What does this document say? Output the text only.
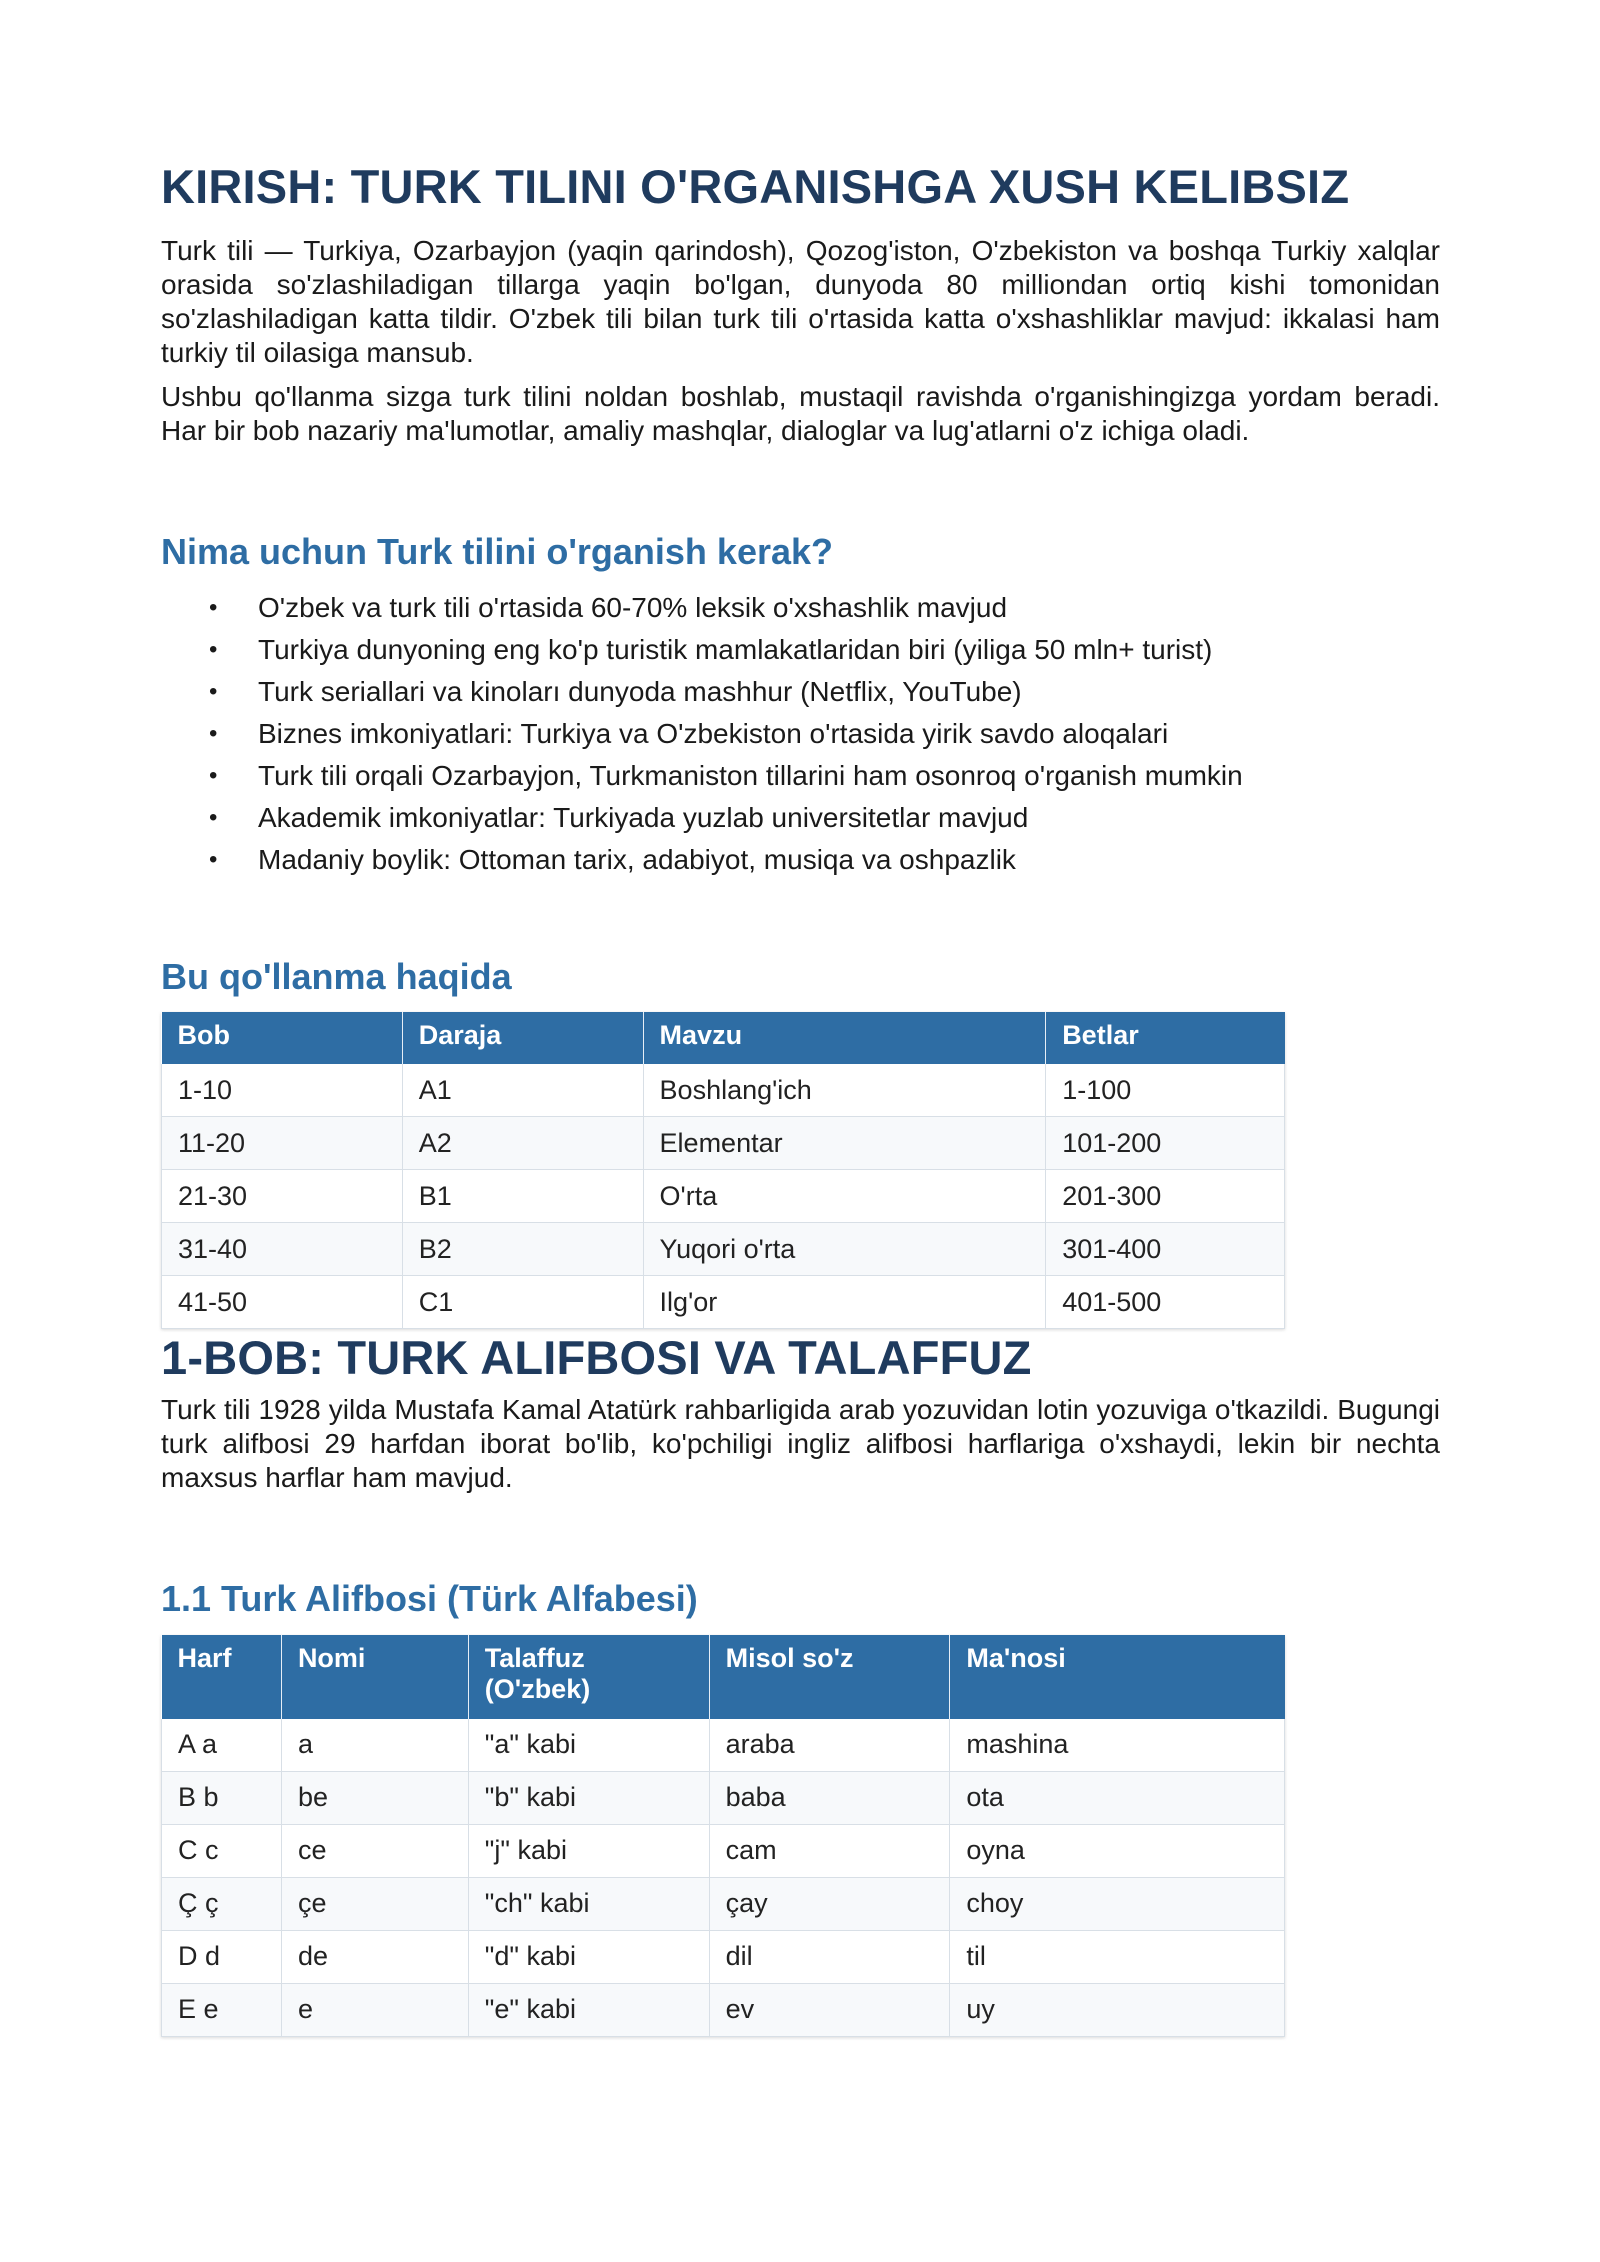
KIRISH: TURK TILINI O'RGANISHGA XUSH KELIBSIZ

Turk tili — Turkiya, Ozarbayjon (yaqin qarindosh), Qozog'iston, O'zbekiston va boshqa Turkiy xalqlar orasida so'zlashiladigan tillarga yaqin bo'lgan, dunyoda 80 milliondan ortiq kishi tomonidan so'zlashiladigan katta tildir. O'zbek tili bilan turk tili o'rtasida katta o'xshashliklar mavjud: ikkalasi ham turkiy til oilasiga mansub.

Ushbu qo'llanma sizga turk tilini noldan boshlab, mustaqil ravishda o'rganishingizga yordam beradi. Har bir bob nazariy ma'lumotlar, amaliy mashqlar, dialoglar va lug'atlarni o'z ichiga oladi.

Nima uchun Turk tilini o'rganish kerak?
• O'zbek va turk tili o'rtasida 60-70% leksik o'xshashlik mavjud
• Turkiya dunyoning eng ko'p turistik mamlakatlaridan biri (yiliga 50 mln+ turist)
• Turk seriallari va kinoları dunyoda mashhur (Netflix, YouTube)
• Biznes imkoniyatlari: Turkiya va O'zbekiston o'rtasida yirik savdo aloqalari
• Turk tili orqali Ozarbayjon, Turkmaniston tillarini ham osonroq o'rganish mumkin
• Akademik imkoniyatlar: Turkiyada yuzlab universitetlar mavjud
• Madaniy boylik: Ottoman tarix, adabiyot, musiqa va oshpazlik
Bu qo'llanma haqida
Bob	Daraja	Mavzu	Betlar
1-10	A1	Boshlang'ich	1-100
11-20	A2	Elementar	101-200
21-30	B1	O'rta	201-300
31-40	B2	Yuqori o'rta	301-400
41-50	C1	Ilg'or	401-500
1-BOB: TURK ALIFBOSI VA TALAFFUZ

Turk tili 1928 yilda Mustafa Kamal Atatürk rahbarligida arab yozuvidan lotin yozuviga o'tkazildi. Bugungi turk alifbosi 29 harfdan iborat bo'lib, ko'pchiligi ingliz alifbosi harflariga o'xshaydi, lekin bir nechta maxsus harflar ham mavjud.

1.1 Turk Alifbosi (Türk Alfabesi)
Harf	Nomi	Talaffuz (O'zbek)	Misol so'z	Ma'nosi
A a	a	"a" kabi	araba	mashina
B b	be	"b" kabi	baba	ota
C c	ce	"j" kabi	cam	oyna
Ç ç	çe	"ch" kabi	çay	choy
D d	de	"d" kabi	dil	til
E e	e	"e" kabi	ev	uy
